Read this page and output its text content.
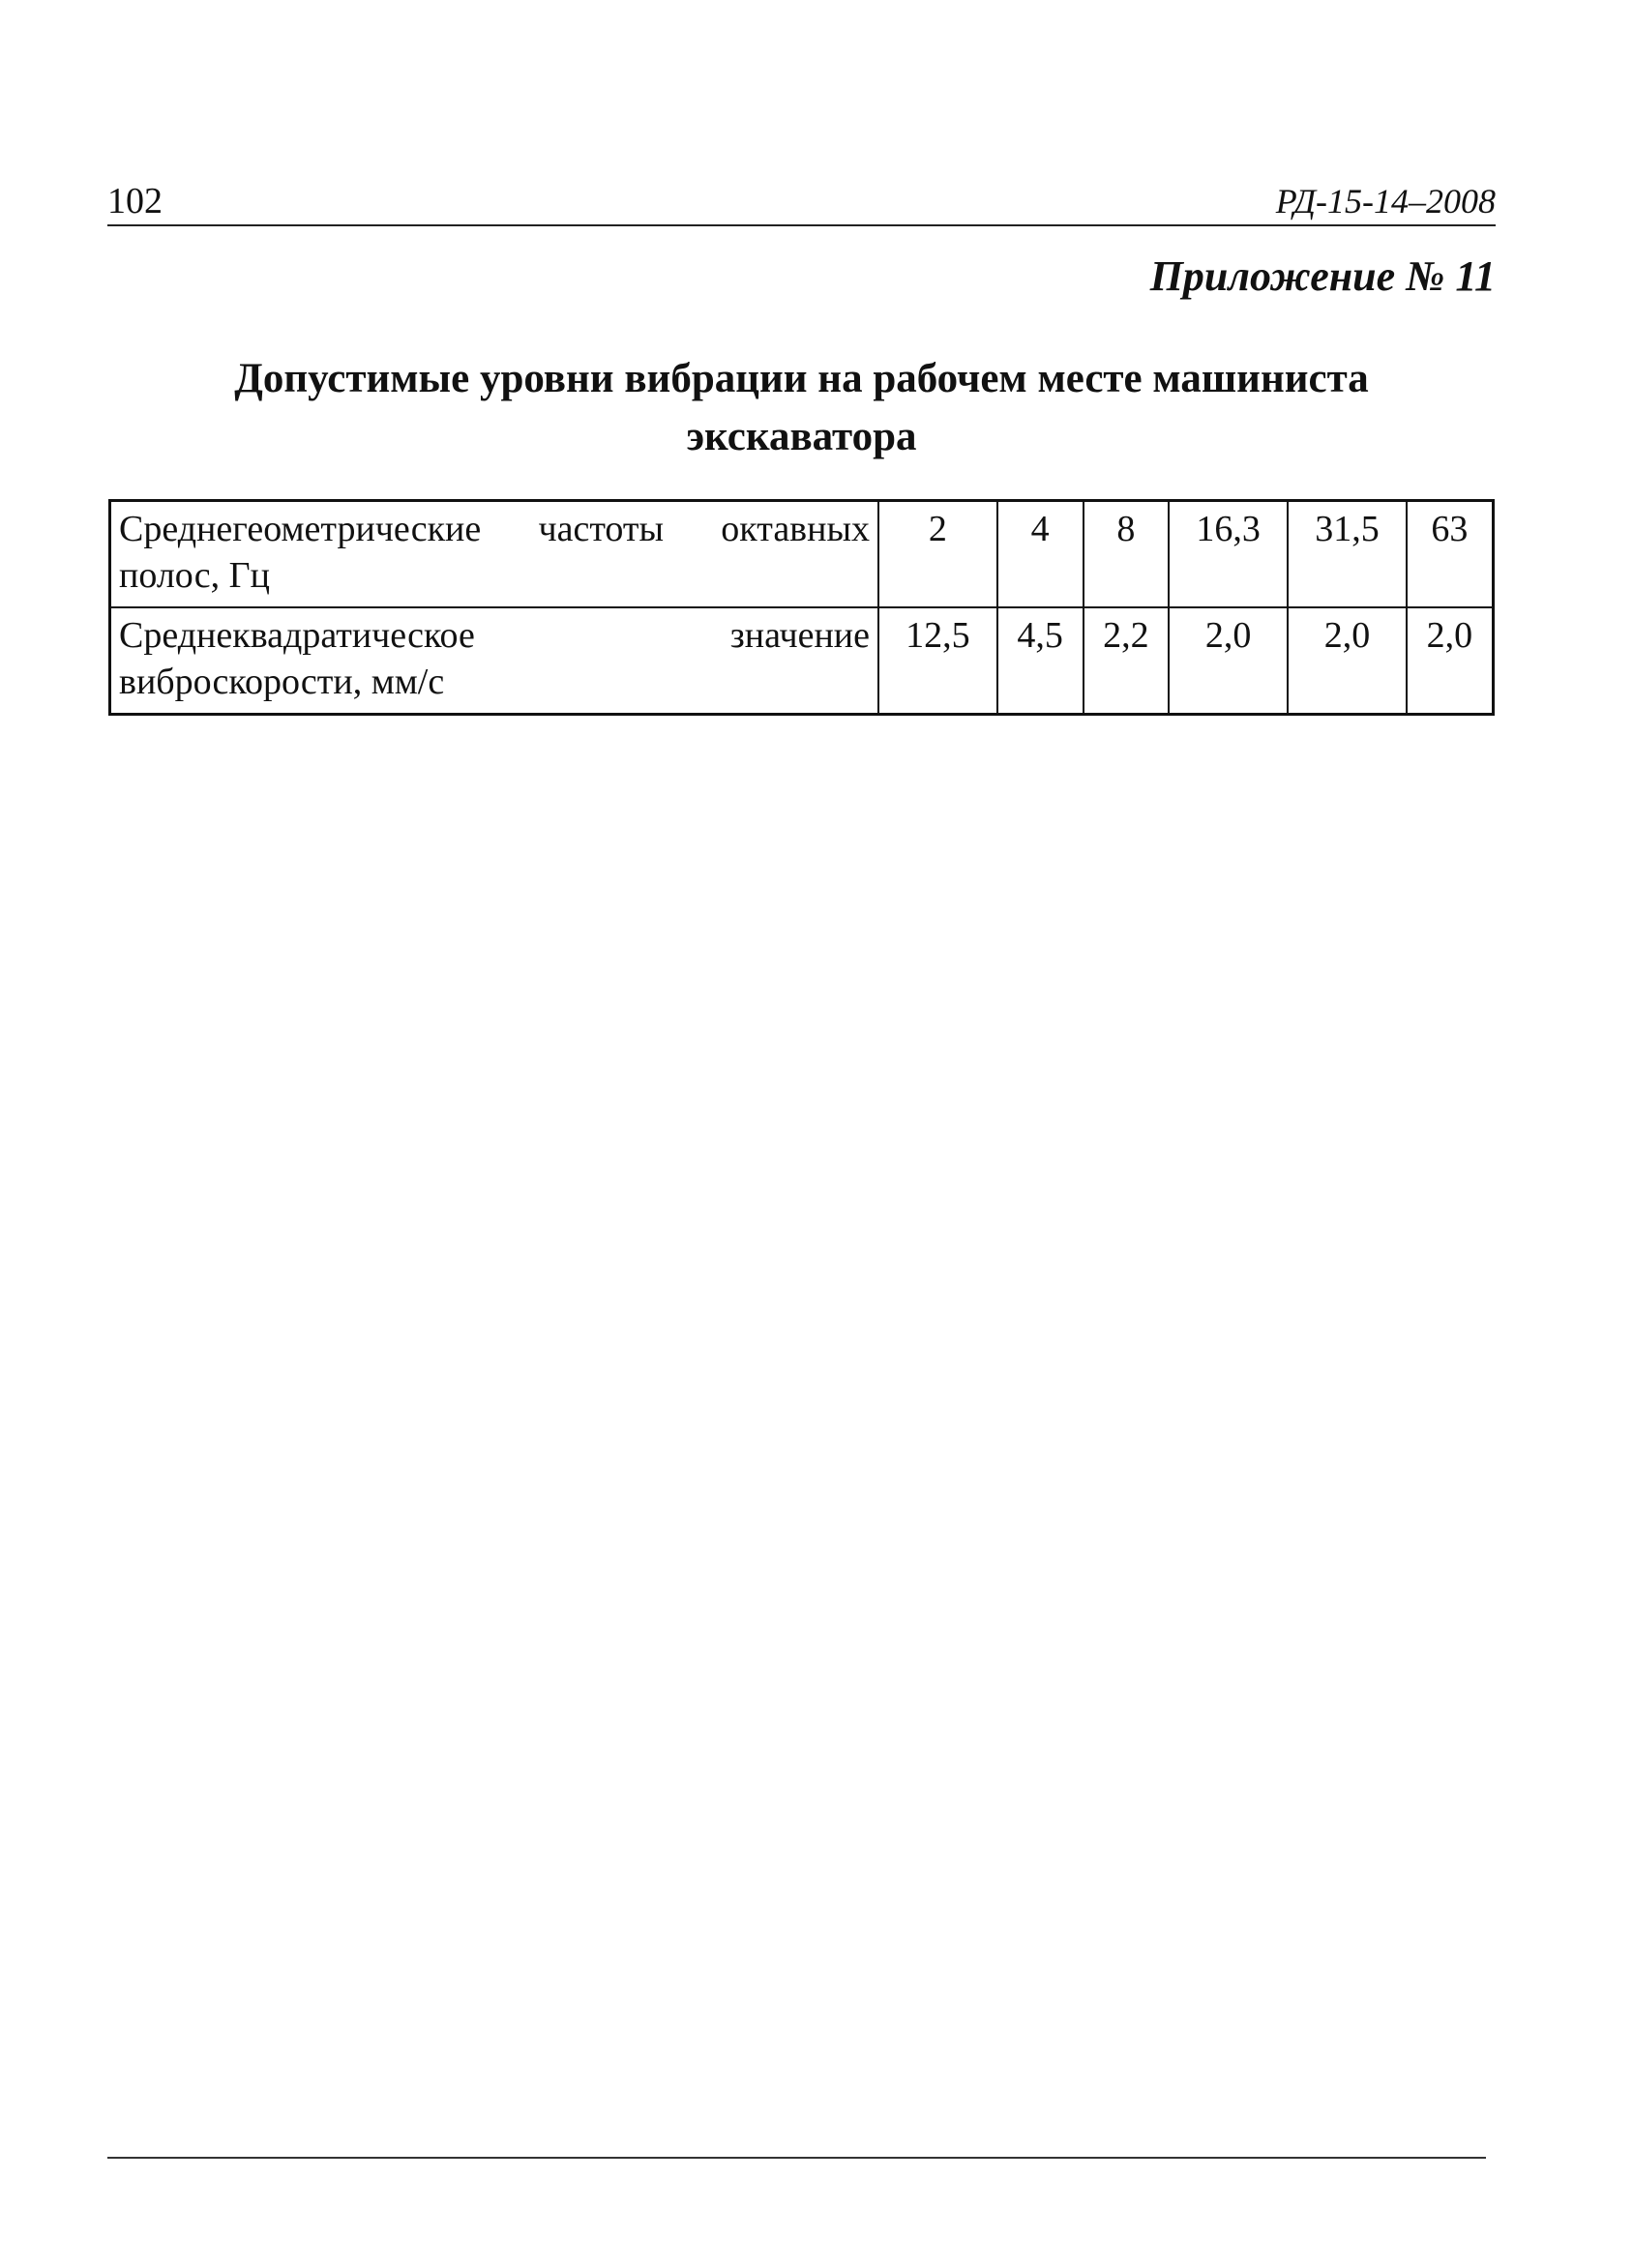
102	РД-15-14–2008
Приложение № 11
Допустимые уровни вибрации на рабочем месте машиниста
экскаватора
Среднегеометрические частоты октавных полос, Гц	2	4	8	16,3	31,5	63
Среднеквадратическое значение виброскорости, мм/с	12,5	4,5	2,2	2,0	2,0	2,0
